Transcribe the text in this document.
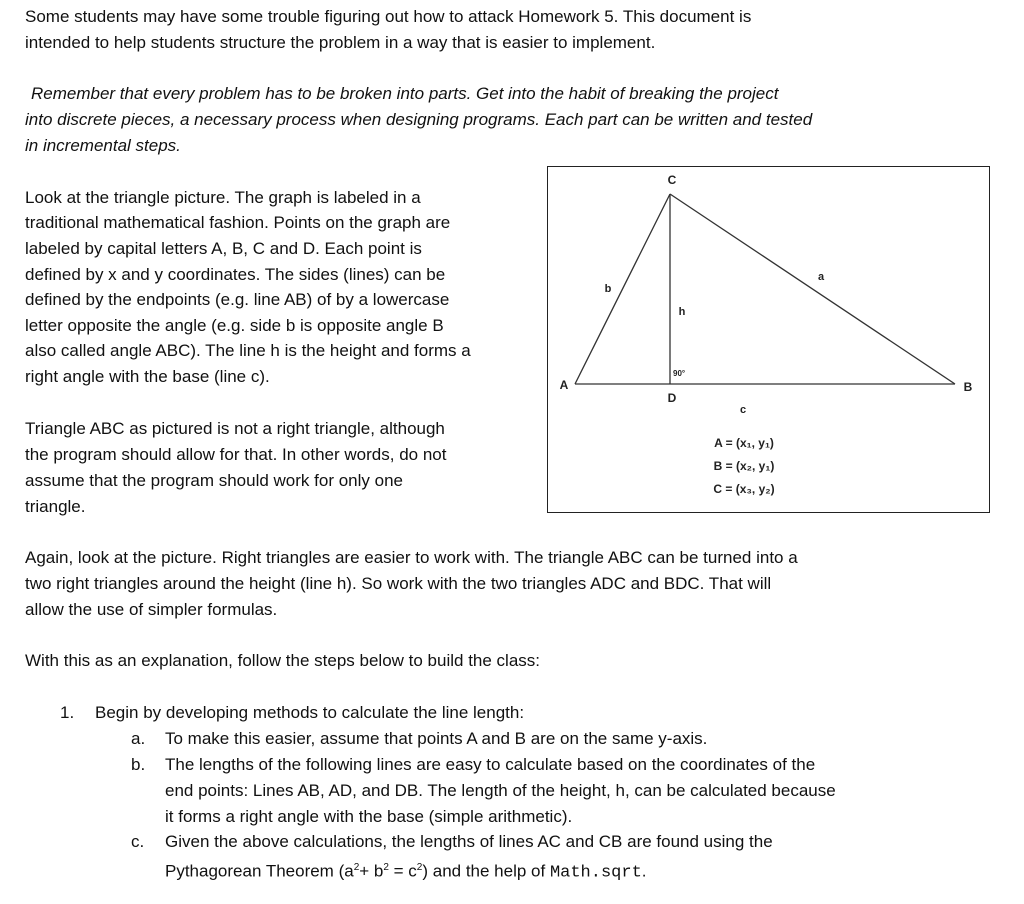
Some students may have some trouble figuring out how to attack Homework 5. This document is
intended to help students structure the problem in a way that is easier to implement.
Remember that every problem has to be broken into parts. Get into the habit of breaking the project
into discrete pieces, a necessary process when designing programs. Each part can be written and tested
in incremental steps.
Look at the triangle picture. The graph is labeled in a
traditional mathematical fashion. Points on the graph are
labeled by capital letters A, B, C and D. Each point is
defined by x and y coordinates. The sides (lines) can be
defined by the endpoints (e.g. line AB) of by a lowercase
letter opposite the angle (e.g. side b is opposite angle B
also called angle ABC). The line h is the height and forms a
right angle with the base (line c).
Triangle ABC as pictured is not a right triangle, although
the program should allow for that. In other words, do not
assume that the program should work for only one
triangle.
C
A	B
D
a
b
c
h
90°
A = (x₁, y₁)
B = (x₂, y₁)
C = (x₃, y₂)
Again, look at the picture. Right triangles are easier to work with. The triangle ABC can be turned into a
two right triangles around the height (line h). So work with the two triangles ADC and BDC. That will
allow the use of simpler formulas.
With this as an explanation, follow the steps below to build the class:
1. Begin by developing methods to calculate the line length:
a. To make this easier, assume that points A and B are on the same y-axis.
b. The lengths of the following lines are easy to calculate based on the coordinates of the
end points: Lines AB, AD, and DB. The length of the height, h, can be calculated because
it forms a right angle with the base (simple arithmetic).
c. Given the above calculations, the lengths of lines AC and CB are found using the
Pythagorean Theorem $(a^2+ b^2 = c^2)$ and the help of Math.sqrt.
